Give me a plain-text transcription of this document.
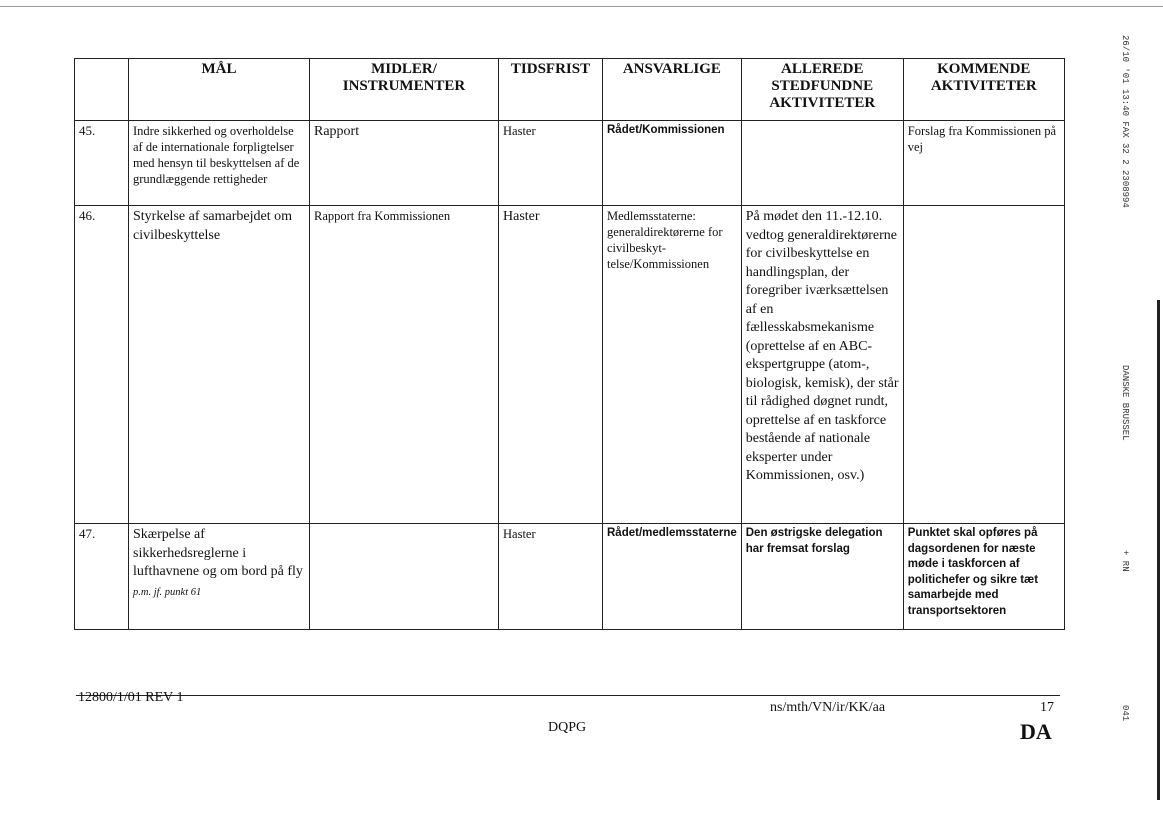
26/10 '01 13:40 FAX 32 2 2308994
DANSKE BRUSSEL
+ RN
041
	MÅL	MIDLER/ INSTRUMENTER	TIDSFRIST	ANSVARLIGE	ALLEREDE STEDFUNDNE AKTIVITETER	KOMMENDE AKTIVITETER
45.	Indre sikkerhed og overholdelse af de internationale forpligtelser med hensyn til beskyttelsen af de grundlæggende rettigheder	Rapport	Haster	Rådet/Kommissionen		Forslag fra Kommissionen på vej
46.	Styrkelse af samarbejdet om civilbeskyttelse	Rapport fra Kommissionen	Haster	Medlemsstaterne: generaldirektørerne for civilbeskyttelse/Kommissionen	På mødet den 11.-12.10. vedtog generaldirektørerne for civilbeskyttelse en handlingsplan, der foregriber iværksættelsen af en fællesskabsmekanisme (oprettelse af en ABC-ekspertgruppe (atom-, biologisk, kemisk), der står til rådighed døgnet rundt, oprettelse af en taskforce bestående af nationale eksperter under Kommissionen, osv.)	
47.	Skærpelse af sikkerhedsreglerne i lufthavnene og om bord på fly
p.m. jf. punkt 61		Haster	Rådet/medlemsstaterne	Den østrigske delegation har fremsat forslag	Punktet skal opføres på dagsordenen for næste møde i taskforcen af politichefer og sikre tæt samarbejde med transportsektoren
12800/1/01 REV 1
ns/mth/VN/ir/KK/aa	17
DQPG	DA
